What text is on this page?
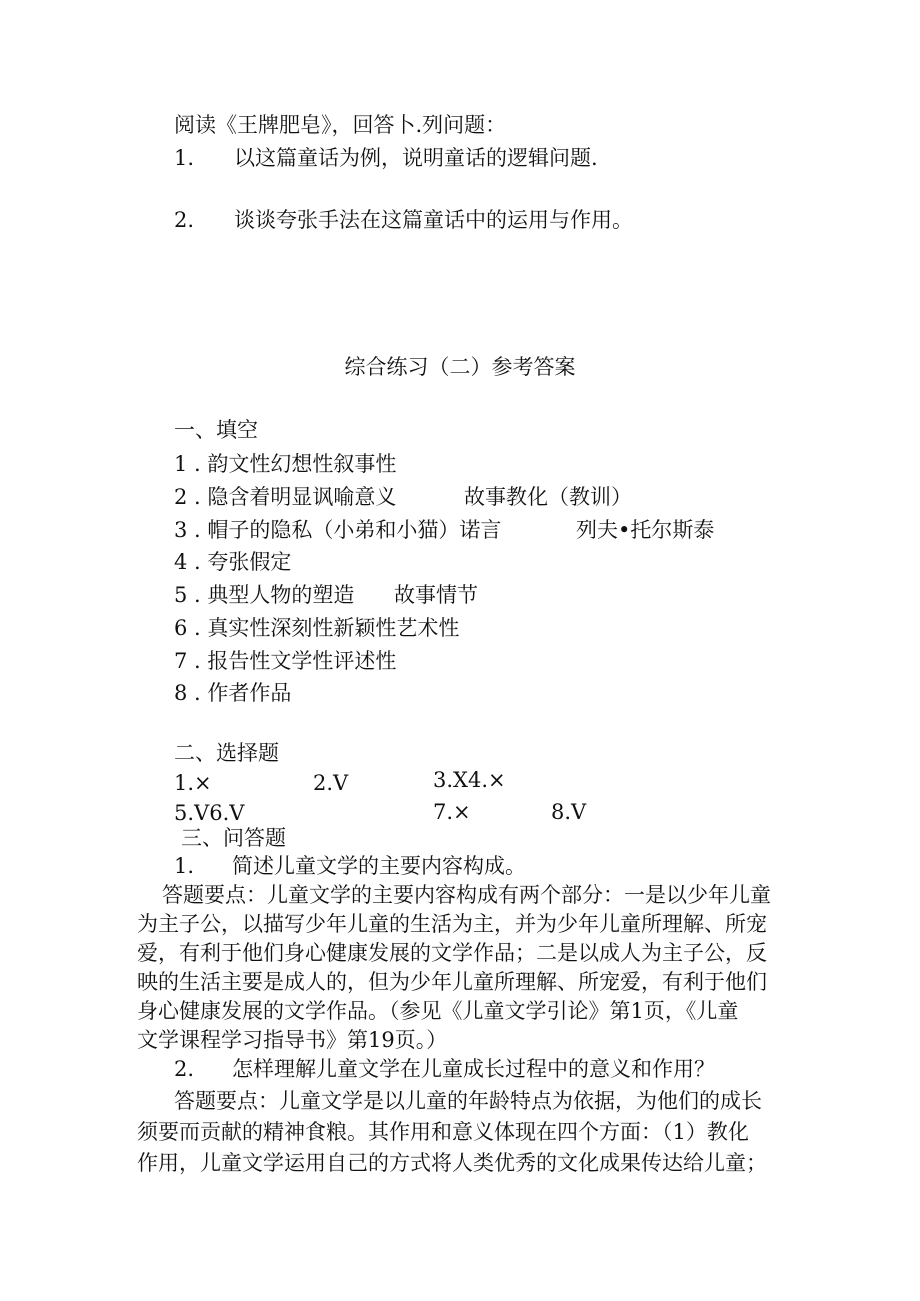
阅读《王牌肥皂》，回答卜.列问题：
1. 以这篇童话为例，说明童话的逻辑问题.
2. 谈谈夸张手法在这篇童话中的运用与作用。
综合练习（二）参考答案
一、填空
1 . 韵文性幻想性叙事性
2 . 隐含着明显讽喻意义	故事教化（教训）
3 . 帽子的隐私（小弟和小猫）诺言	列夫•托尔斯泰
4 . 夸张假定
5 . 典型人物的塑造 故事情节
6 . 真实性深刻性新颖性艺术性
7 . 报告性文学性评述性
8 . 作者作品
二、选择题
1.×	2.V	3.X4.×
5.V6.V	7.×	8.V
三、问答题
1. 简述儿童文学的主要内容构成。
答题要点：儿童文学的主要内容构成有两个部分：一是以少年儿童
为主子公，以描写少年儿童的生活为主，并为少年儿童所理解、所宠
爱，有利于他们身心健康发展的文学作品；二是以成人为主子公，反
映的生活主要是成人的，但为少年儿童所理解、所宠爱，有利于他们
身心健康发展的文学作品。（参见《儿童文学引论》第1页，《儿童
文学课程学习指导书》第19页。）
2. 怎样理解儿童文学在儿童成长过程中的意义和作用？
答题要点：儿童文学是以儿童的年龄特点为依据，为他们的成长
须要而贡献的精神食粮。其作用和意义体现在四个方面：（1）教化
作用，儿童文学运用自己的方式将人类优秀的文化成果传达给儿童；
